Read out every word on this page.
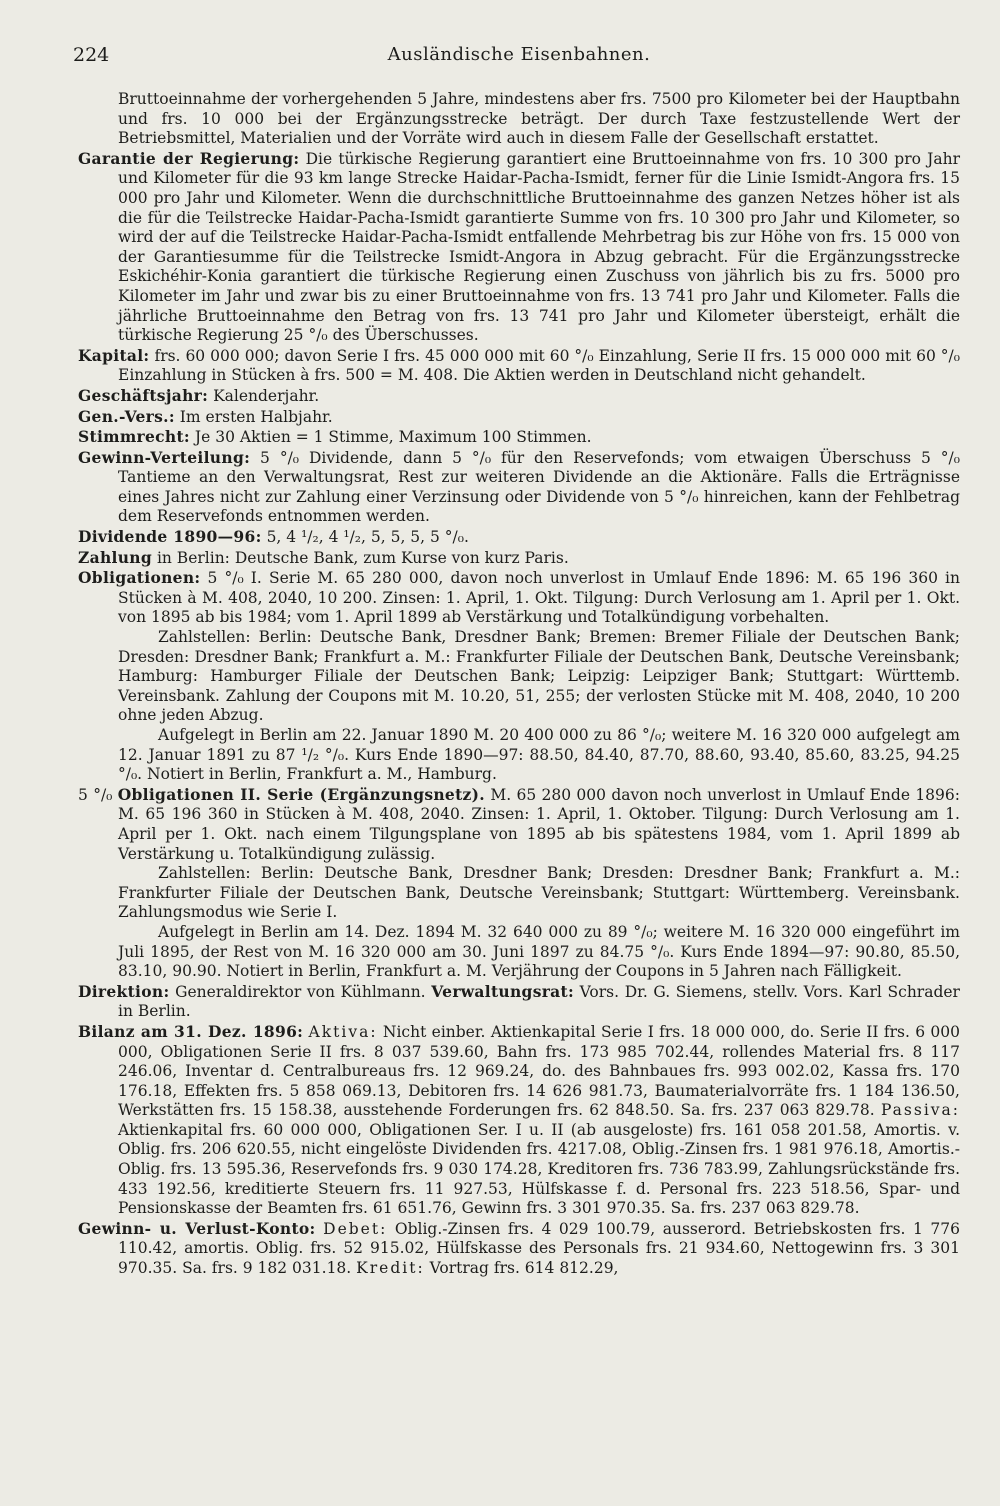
224	Ausländische Eisenbahnen.

Bruttoeinnahme der vorhergehenden 5 Jahre, mindestens aber frs. 7500 pro Kilometer bei der Hauptbahn und frs. 10 000 bei der Ergänzungsstrecke beträgt. Der durch Taxe festzustellende Wert der Betriebsmittel, Materialien und der Vorräte wird auch in diesem Falle der Gesellschaft erstattet.

Garantie der Regierung: Die türkische Regierung garantiert eine Bruttoeinnahme von frs. 10 300 pro Jahr und Kilometer für die 93 km lange Strecke Haidar-Pacha-Ismidt, ferner für die Linie Ismidt-Angora frs. 15 000 pro Jahr und Kilometer. Wenn die durchschnittliche Bruttoeinnahme des ganzen Netzes höher ist als die für die Teilstrecke Haidar-Pacha-Ismidt garantierte Summe von frs. 10 300 pro Jahr und Kilometer, so wird der auf die Teilstrecke Haidar-Pacha-Ismidt entfallende Mehrbetrag bis zur Höhe von frs. 15 000 von der Garantiesumme für die Teilstrecke Ismidt-Angora in Abzug gebracht. Für die Ergänzungsstrecke Eskichéhir-Konia garantiert die türkische Regierung einen Zuschuss von jährlich bis zu frs. 5000 pro Kilometer im Jahr und zwar bis zu einer Bruttoeinnahme von frs. 13 741 pro Jahr und Kilometer. Falls die jährliche Bruttoeinnahme den Betrag von frs. 13 741 pro Jahr und Kilometer übersteigt, erhält die türkische Regierung 25 °/₀ des Überschusses.

Kapital: frs. 60 000 000; davon Serie I frs. 45 000 000 mit 60 °/₀ Einzahlung, Serie II frs. 15 000 000 mit 60 °/₀ Einzahlung in Stücken à frs. 500 = M. 408. Die Aktien werden in Deutschland nicht gehandelt.

Geschäftsjahr: Kalenderjahr.

Gen.-Vers.: Im ersten Halbjahr.

Stimmrecht: Je 30 Aktien = 1 Stimme, Maximum 100 Stimmen.

Gewinn-Verteilung: 5 °/₀ Dividende, dann 5 °/₀ für den Reservefonds; vom etwaigen Überschuss 5 °/₀ Tantieme an den Verwaltungsrat, Rest zur weiteren Dividende an die Aktionäre. Falls die Erträgnisse eines Jahres nicht zur Zahlung einer Verzinsung oder Dividende von 5 °/₀ hinreichen, kann der Fehlbetrag dem Reservefonds entnommen werden.

Dividende 1890—96: 5, 4 ¹/₂, 4 ¹/₂, 5, 5, 5, 5 °/₀.

Zahlung in Berlin: Deutsche Bank, zum Kurse von kurz Paris.

Obligationen: 5 °/₀ I. Serie M. 65 280 000, davon noch unverlost in Umlauf Ende 1896: M. 65 196 360 in Stücken à M. 408, 2040, 10 200. Zinsen: 1. April, 1. Okt. Tilgung: Durch Verlosung am 1. April per 1. Okt. von 1895 ab bis 1984; vom 1. April 1899 ab Verstärkung und Totalkündigung vorbehalten.

Zahlstellen: Berlin: Deutsche Bank, Dresdner Bank; Bremen: Bremer Filiale der Deutschen Bank; Dresden: Dresdner Bank; Frankfurt a. M.: Frankfurter Filiale der Deutschen Bank, Deutsche Vereinsbank; Hamburg: Hamburger Filiale der Deutschen Bank; Leipzig: Leipziger Bank; Stuttgart: Württemb. Vereinsbank. Zahlung der Coupons mit M. 10.20, 51, 255; der verlosten Stücke mit M. 408, 2040, 10 200 ohne jeden Abzug.

Aufgelegt in Berlin am 22. Januar 1890 M. 20 400 000 zu 86 °/₀; weitere M. 16 320 000 aufgelegt am 12. Januar 1891 zu 87 ¹/₂ °/₀. Kurs Ende 1890—97: 88.50, 84.40, 87.70, 88.60, 93.40, 85.60, 83.25, 94.25 °/₀. Notiert in Berlin, Frankfurt a. M., Hamburg.

5 °/₀ Obligationen II. Serie (Ergänzungsnetz). M. 65 280 000 davon noch unverlost in Umlauf Ende 1896: M. 65 196 360 in Stücken à M. 408, 2040. Zinsen: 1. April, 1. Oktober. Tilgung: Durch Verlosung am 1. April per 1. Okt. nach einem Tilgungsplane von 1895 ab bis spätestens 1984, vom 1. April 1899 ab Verstärkung u. Totalkündigung zulässig.

Zahlstellen: Berlin: Deutsche Bank, Dresdner Bank; Dresden: Dresdner Bank; Frankfurt a. M.: Frankfurter Filiale der Deutschen Bank, Deutsche Vereinsbank; Stuttgart: Württemberg. Vereinsbank. Zahlungsmodus wie Serie I.

Aufgelegt in Berlin am 14. Dez. 1894 M. 32 640 000 zu 89 °/₀; weitere M. 16 320 000 eingeführt im Juli 1895, der Rest von M. 16 320 000 am 30. Juni 1897 zu 84.75 °/₀. Kurs Ende 1894—97: 90.80, 85.50, 83.10, 90.90. Notiert in Berlin, Frankfurt a. M. Verjährung der Coupons in 5 Jahren nach Fälligkeit.

Direktion: Generaldirektor von Kühlmann. Verwaltungsrat: Vors. Dr. G. Siemens, stellv. Vors. Karl Schrader in Berlin.

Bilanz am 31. Dez. 1896: Aktiva: Nicht einber. Aktienkapital Serie I frs. 18 000 000, do. Serie II frs. 6 000 000, Obligationen Serie II frs. 8 037 539.60, Bahn frs. 173 985 702.44, rollendes Material frs. 8 117 246.06, Inventar d. Centralbureaus frs. 12 969.24, do. des Bahnbaues frs. 993 002.02, Kassa frs. 170 176.18, Effekten frs. 5 858 069.13, Debitoren frs. 14 626 981.73, Baumaterialvorräte frs. 1 184 136.50, Werkstätten frs. 15 158.38, ausstehende Forderungen frs. 62 848.50. Sa. frs. 237 063 829.78. Passiva: Aktienkapital frs. 60 000 000, Obligationen Ser. I u. II (ab ausgeloste) frs. 161 058 201.58, Amortis. v. Oblig. frs. 206 620.55, nicht eingelöste Dividenden frs. 4217.08, Oblig.-Zinsen frs. 1 981 976.18, Amortis.-Oblig. frs. 13 595.36, Reservefonds frs. 9 030 174.28, Kreditoren frs. 736 783.99, Zahlungsrückstände frs. 433 192.56, kreditierte Steuern frs. 11 927.53, Hülfskasse f. d. Personal frs. 223 518.56, Spar- und Pensionskasse der Beamten frs. 61 651.76, Gewinn frs. 3 301 970.35. Sa. frs. 237 063 829.78.

Gewinn- u. Verlust-Konto: Debet: Oblig.-Zinsen frs. 4 029 100.79, ausserord. Betriebskosten frs. 1 776 110.42, amortis. Oblig. frs. 52 915.02, Hülfskasse des Personals frs. 21 934.60, Nettogewinn frs. 3 301 970.35. Sa. frs. 9 182 031.18. Kredit: Vortrag frs. 614 812.29,
